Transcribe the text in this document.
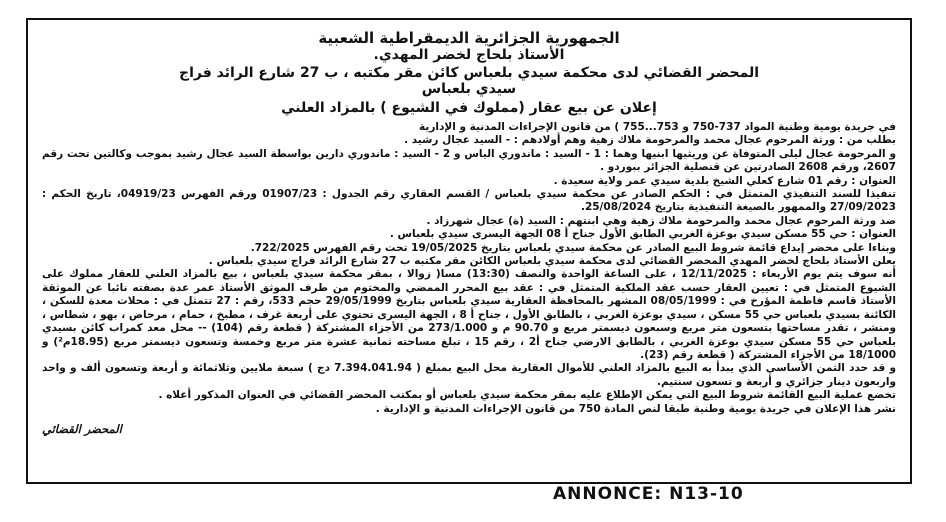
الجمهورية الجزائرية الديمقراطية الشعبية
الأستاذ بلحاج لخضر المهدي.
المحضر القضائي لدى محكمة سيدي بلعباس كائن مقر مكتبه ، ب 27 شارع الرائد فراج
سيدي بلعباس
إعلان عن بيع عقار (مملوك في الشيوع ) بالمزاد العلني

في جريدة يومية وطنية المواد 737-750 و 753...755 ) من قانون الإجراءات المدنية و الإدارية

بطلب من : ورثة المرحوم عجال محمد والمرحومة ملاك زهية وهم أولادهم : - السيد عجال رشيد .

و المرحومة عجال ليلى المتوفاة عن وريثيها ابنيها وهما : 1 - السيد : ماندوري الياس و 2 - السيد : ماندوري دارين بواسطة السيد عجال رشيد بموجب وكالتين تحت رقم 2607، ورقم 2608 الصادرتين عن قنصلية الجزائر ببوردو .

العنوان : رقم 01 شارع كعلي الشيخ بلدية سيدي عمر ولاية سعيدة .

تنفيذا للسند التنفيذي المتمثل في : الحكم الصادر عن محكمة سيدي بلعباس / القسم العقاري رقم الجدول : 01907/23 ورقم الفهرس 04919/23، تاريخ الحكم : 27/09/2023 والممهور بالصيغة التنفيذية بتاريخ 25/08/2024.

ضد ورثة المرحوم عجال محمد والمرحومة ملاك زهية وهي ابنتهم : السيد (ة) عجال شهرزاد .

العنوان : حي 55 مسكن سيدي بوعزة الغربي الطابق الأول جناح أ 08 الجهة اليسرى سيدي بلعباس .

وبناءا على محضر إيداع قائمة شروط البيع الصادر عن محكمة سيدي بلعباس بتاريخ 19/05/2025 تحت رقم الفهرس 722/2025.

يعلن الأستاذ بلحاج لخضر المهدي المحضر القضائي لدى محكمة سيدي بلعباس الكائن مقر مكتبه ب 27 شارع الرائد فراج سيدي بلعباس .

أنه سوف يتم يوم الأربعاء : 12/11/2025 ، على الساعة الواحدة والنصف (13:30) مسا( زوالا ، بمقر محكمة سيدي بلعباس ، بيع بالمزاد العلني للعقار مملوك على الشيوع المتمثل في : تعيين العقار حسب عقد الملكية المتمثل في : عقد بيع المحرر الممضي والمختوم من طرف الموثق الأستاذ عمر عدة بصفته نائبا عن الموثقة الأستاذ قاسم فاطمة المؤرخ في : 08/05/1999 المشهر بالمحافظة العقارية سيدي بلعباس بتاريخ 29/05/1999 حجم 533، رقم : 27 تتمثل في : محلات معدة للسكن ، الكائنة بسيدي بلعباس حي 55 مسكن ، سيدي بوعزة الغربي ، بالطابق الأول ، جناح أ 8 ، الجهة اليسرى تحتوي على أربعة غرف ، مطبخ ، حمام ، مرحاض ، بهو ، شطاس ، ومنشر ، تقدر مساحتها بتسعون متر مربع وسبعون ديسمتر مربع و 90.70 م و 273/1.000 من الأجزاء المشتركة ( قطعة رقم (104) -- محل معد كمراب كائن بسيدي بلعباس حي 55 مسكن سيدي بوعزة الغربي ، بالطابق الارضي جناح أ2 ، رقم 15 ، تبلغ مساحته ثمانية عشرة متر مربع وخمسة وتسعون ديسمتر مربع (18.95م²) و 18/1000 من الأجزاء المشتركة ( قطعة رقم (23).

و قد حدد الثمن الأساسي الذي يبدأ به البيع بالمزاد العلني للأموال العقارية محل البيع بمبلغ ( 7.394.041.94 دج ) سبعة ملايين وثلاثمائة و أربعة وتسعون ألف و واحد واربعون دينار جزائري و أربعة و تسعون سنتيم.

تخضع عملية البيع القائمة شروط البيع التي يمكن الإطلاع عليه بمقر محكمة سيدي بلعباس أو بمكتب المحضر القضائي في العنوان المذكور أعلاه .

نشر هذا الإعلان في جريدة يومية وطنية طبقا لنص المادة 750 من قانون الإجراءات المدنية و الإدارية .

المحضر القضائي
ANNONCE: N13-10
